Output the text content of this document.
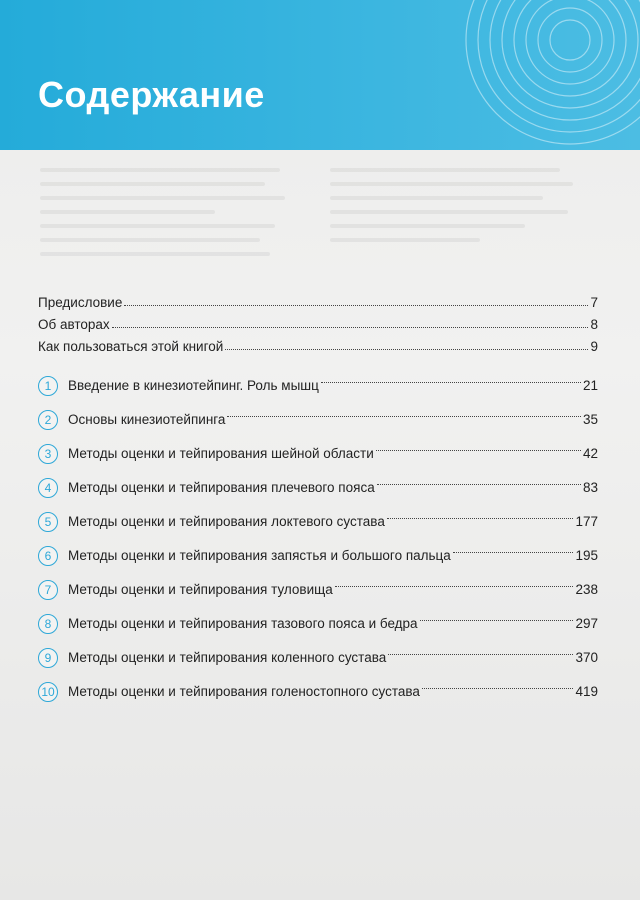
Содержание
Предисловие	7
Об авторах	8
Как пользоваться этой книгой	9
1	Введение в кинезиотейпинг. Роль мышц	21
2	Основы кинезиотейпинга	35
3	Методы оценки и тейпирования шейной области	42
4	Методы оценки и тейпирования плечевого пояса	83
5	Методы оценки и тейпирования локтевого сустава	177
6	Методы оценки и тейпирования запястья и большого пальца	195
7	Методы оценки и тейпирования туловища	238
8	Методы оценки и тейпирования тазового пояса и бедра	297
9	Методы оценки и тейпирования коленного сустава	370
10 Методы оценки и тейпирования голеностопного сустава	419
